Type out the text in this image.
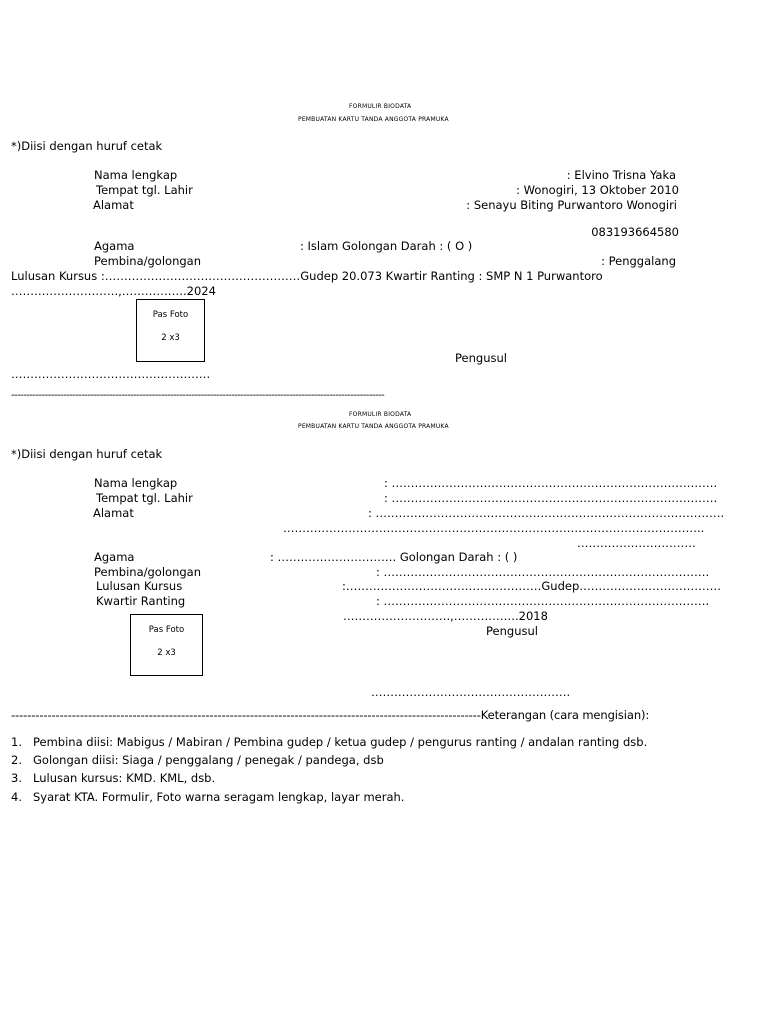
FORMULIR BIODATA
PEMBUATAN KARTU TANDA ANGGOTA PRAMUKA
*)Diisi dengan huruf cetak
Nama lengkap	: Elvino Trisna Yaka
Tempat tgl. Lahir	: Wonogiri, 13 Oktober 2010
Alamat	: Senayu Biting Purwantoro Wonogiri
083193664580
Agama	: Islam Golongan Darah : ( O )
Pembina/golongan	: Penggalang
Lulusan Kursus :……………………………………………Gudep 20.073 Kwartir Ranting : SMP N 1 Purwantoro
……………………….,……………..2024
Pas Foto
2 x3
Pengusul
…………………………………………….
--------------------------------------------------------------------------------------------------------------------------
FORMULIR BIODATA
PEMBUATAN KARTU TANDA ANGGOTA PRAMUKA
*)Diisi dengan huruf cetak
Nama lengkap	: ………………………………………………………………………….
Tempat tgl. Lahir	: ………………………………………………………………………….
Alamat	: ……………………………………………………………………………….
………………………………………………………………………………………………..
………………………….
Agama	: …………………………. Golongan Darah : ( )
Pembina/golongan	: ………………………………………………………………………….
Lulusan Kursus	:……………………………………………Gudep……………………………….
Kwartir Ranting	: ………………………………………………………………………….
……………………….,……………..2018
Pas Foto
2 x3
Pengusul
…………………………………………….
--------------------------------------------------------------------------------------------------------------------Keterangan (cara mengisian):
1. Pembina diisi: Mabigus / Mabiran / Pembina gudep / ketua gudep / pengurus ranting / andalan ranting dsb.
2. Golongan diisi: Siaga / penggalang / penegak / pandega, dsb
3. Lulusan kursus: KMD. KML, dsb.
4. Syarat KTA. Formulir, Foto warna seragam lengkap, layar merah.
